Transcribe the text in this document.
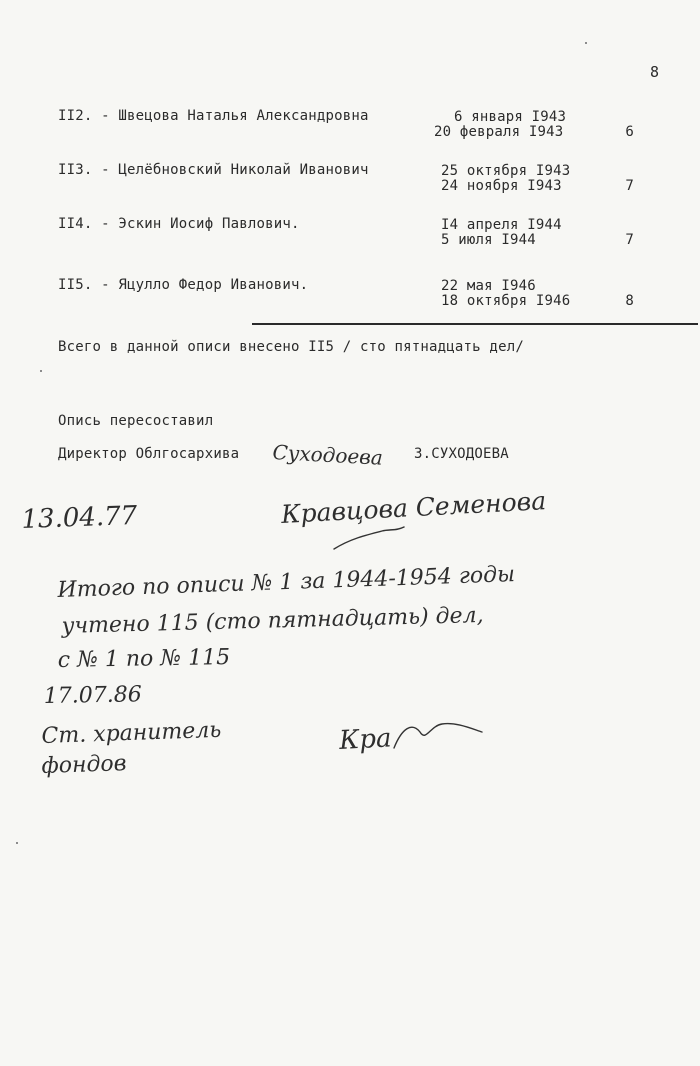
8
II2. - Швецова Наталья Александровна	6 января I943
20 февраля I943	6
II3. - Целёбновский Николай Иванович	25 октября I943
24 ноября I943	7
II4. - Эскин Иосиф Павлович.	I4 апреля I944
5 июля I944	7
II5. - Яцулло Федор Иванович.	22 мая I946
18 октября I946	8
Всего в данной описи внесено II5 / сто пятнадцать дел/
Опись пересоставил
Директор Облгосархива Суходоева З.СУХОДОЕВА
13.04.77	Кравцова Семенова
Итого по описи № 1 за 1944-1954 годы
учтено 115 (сто пятнадцать) дел,
с № 1 по № 115
17.07.86
Ст. хранитель
фондов
Кра
